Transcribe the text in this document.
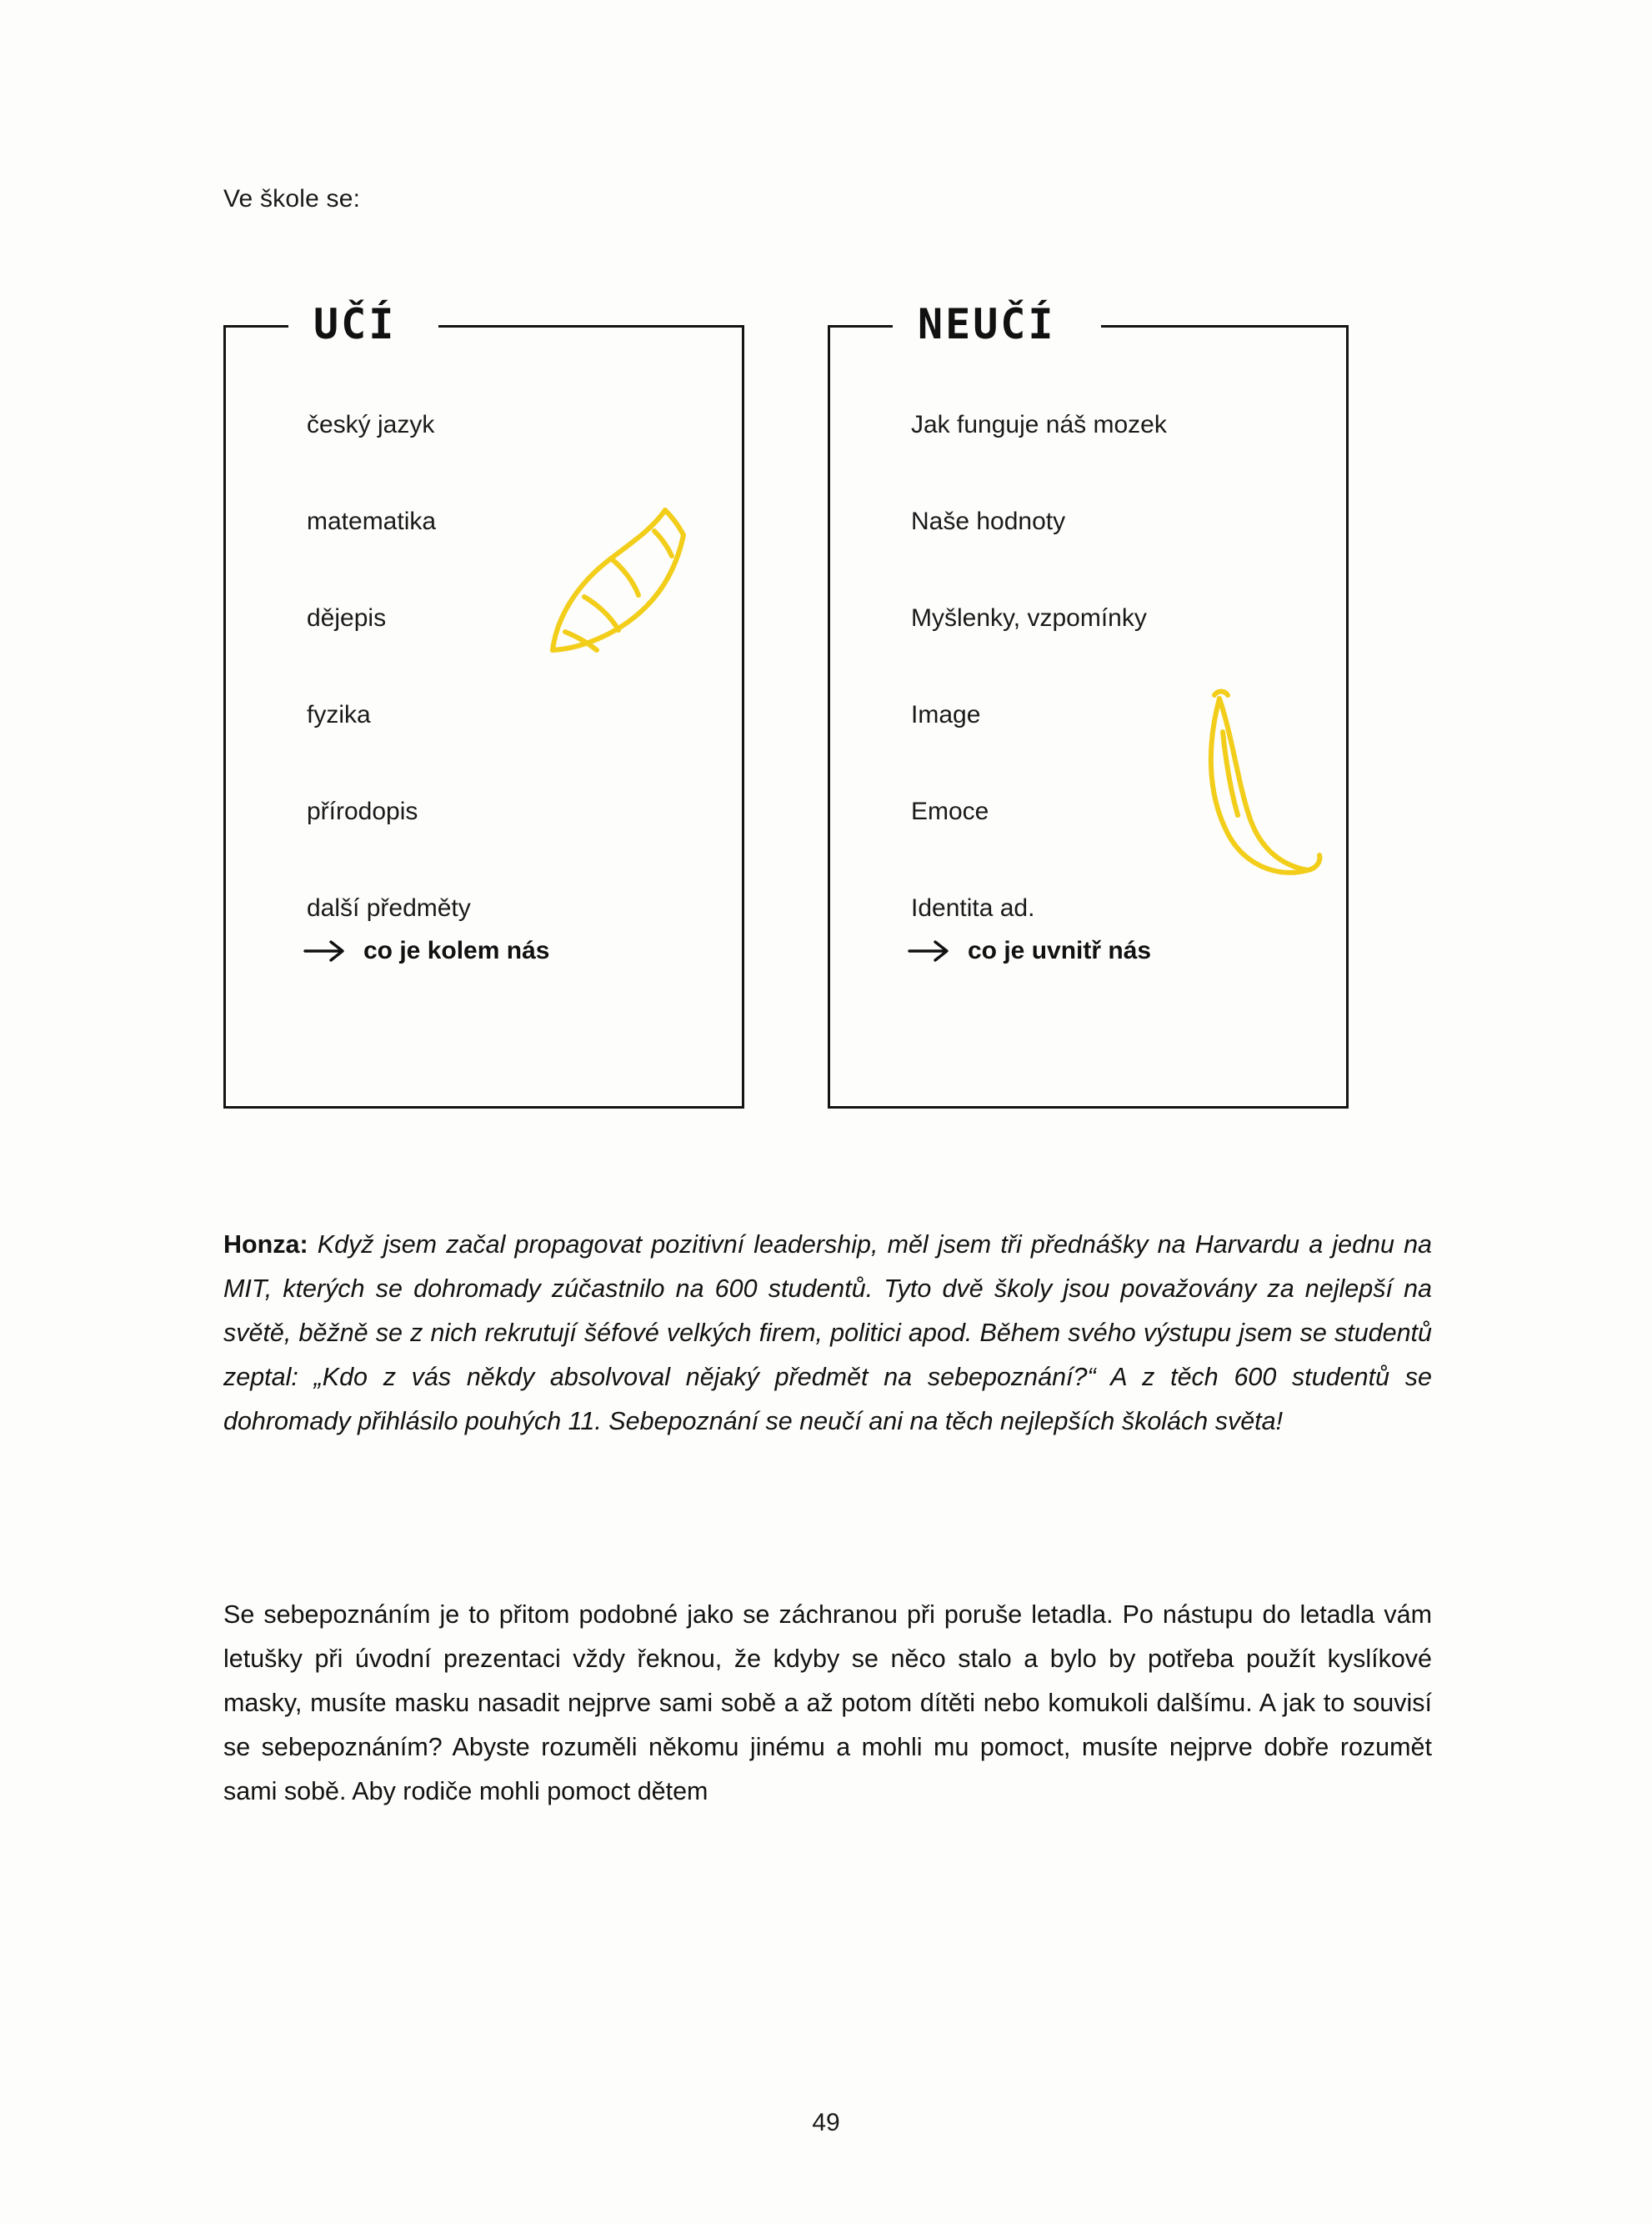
Ve škole se:
UČÍ
český jazyk
matematika
dějepis
fyzika
přírodopis
další předměty
co je kolem nás
NEUČÍ
Jak funguje náš mozek
Naše hodnoty
Myšlenky, vzpomínky
Image
Emoce
Identita ad.
co je uvnitř nás

Honza: Když jsem začal propagovat pozitivní leadership, měl jsem tři přednášky na Harvardu a jednu na MIT, kterých se dohromady zúčastnilo na 600 studentů. Tyto dvě školy jsou považovány za nejlepší na světě, běžně se z nich rekrutují šéfové velkých firem, politici apod. Během svého výstupu jsem se studentů zeptal: „Kdo z vás někdy absolvoval nějaký předmět na sebepoznání?“ A z těch 600 studentů se dohromady přihlásilo pouhých 11. Sebepoznání se neučí ani na těch nejlepších školách světa!

Se sebepoznáním je to přitom podobné jako se záchranou při poruše letadla. Po nástupu do letadla vám letušky při úvodní prezentaci vždy řeknou, že kdyby se něco stalo a bylo by potřeba použít kyslíkové masky, musíte masku nasadit nejprve sami sobě a až potom dítěti nebo komukoli dalšímu. A jak to souvisí se sebepoznáním? Abyste rozuměli někomu jinému a mohli mu pomoct, musíte nejprve dobře rozumět sami sobě. Aby rodiče mohli pomoct dětem

49
